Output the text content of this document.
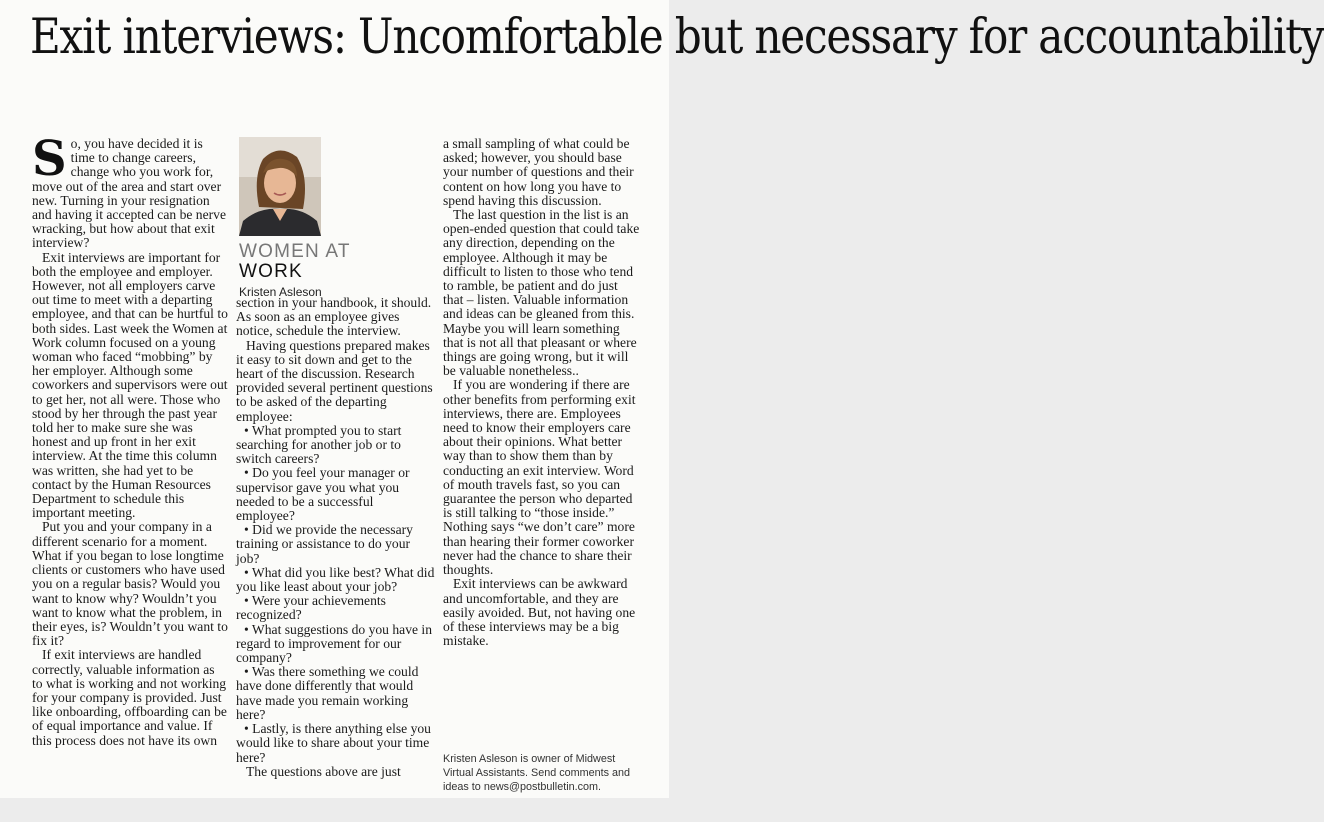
Exit interviews: Uncomfortable but necessary for accountability

So, you have decided it is time to change careers, change who you work for, move out of the area and start over new. Turning in your resignation and having it accepted can be nerve wracking, but how about that exit interview?

Exit interviews are important for both the employee and employer. However, not all employers carve out time to meet with a departing employee, and that can be hurtful to both sides. Last week the Women at Work column focused on a young woman who faced “mobbing” by her employer. Although some coworkers and supervisors were out to get her, not all were. Those who stood by her through the past year told her to make sure she was honest and up front in her exit interview. At the time this column was written, she had yet to be contact by the Human Resources Department to schedule this important meeting.

Put you and your company in a different scenario for a moment. What if you began to lose longtime clients or customers who have used you on a regular basis? Would you want to know why? Wouldn’t you want to know what the problem, in their eyes, is? Wouldn’t you want to fix it?

If exit interviews are handled correctly, valuable information as to what is working and not working for your company is provided. Just like onboarding, offboarding can be of equal importance and value. If this process does not have its own

WOMEN AT
WORK
Kristen Asleson

section in your handbook, it should. As soon as an employee gives notice, schedule the interview.

Having questions prepared makes it easy to sit down and get to the heart of the discussion. Research provided several pertinent questions to be asked of the departing employee:

• What prompted you to start searching for another job or to switch careers?

• Do you feel your manager or supervisor gave you what you needed to be a successful employee?

• Did we provide the necessary training or assistance to do your job?

• What did you like best? What did you like least about your job?

• Were your achievements recognized?

• What suggestions do you have in regard to improvement for our company?

• Was there something we could have done differently that would have made you remain working here?

• Lastly, is there anything else you would like to share about your time here?

The questions above are just

a small sampling of what could be asked; however, you should base your number of questions and their content on how long you have to spend having this discussion.

The last question in the list is an open-ended question that could take any direction, depending on the employee. Although it may be difficult to listen to those who tend to ramble, be patient and do just that – listen. Valuable information and ideas can be gleaned from this. Maybe you will learn something that is not all that pleasant or where things are going wrong, but it will be valuable nonetheless..

If you are wondering if there are other benefits from performing exit interviews, there are. Employees need to know their employers care about their opinions. What better way than to show them than by conducting an exit interview. Word of mouth travels fast, so you can guarantee the person who departed is still talking to “those inside.” Nothing says “we don’t care” more than hearing their former coworker never had the chance to share their thoughts.

Exit interviews can be awkward and uncomfortable, and they are easily avoided. But, not having one of these interviews may be a big mistake.

Kristen Asleson is owner of Midwest Virtual Assistants. Send comments and ideas to news@postbulletin.com.
